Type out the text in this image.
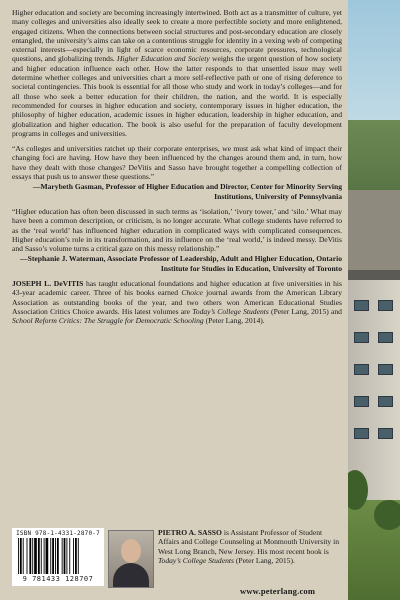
Higher education and society are becoming increasingly intertwined. Both act as a transmitter of culture, yet many colleges and universities also ideally seek to create a more perfectible society and more enlightened, engaged citizens. When the connections between social structures and post-secondary education are closely entangled, the university’s aims can take on a contentious struggle for identity in a vexing web of competing external interests—especially in light of scarce economic resources, corporate pressures, technological questions, and globalizing trends. Higher Education and Society weighs the urgent question of how society and higher education influence each other. How the latter responds to that unsettled issue may well determine whether colleges and universities chart a more self-reflective path or one of rising deference to societal contingencies. This book is essential for all those who study and work in today’s colleges—and for all those who seek a better education for their children, the nation, and the world. It is especially recommended for courses in higher education and society, contemporary issues in higher education, the philosophy of higher education, academic issues in higher education, leadership in higher education, and globalization and higher education. The book is also useful for the preparation of faculty development programs in colleges and universities.

“As colleges and universities ratchet up their corporate enterprises, we must ask what kind of impact their changing foci are having. How have they been influenced by the changes around them and, in turn, how have they dealt with those changes? DeVitis and Sasso have brought together a compelling collection of essays that push us to answer these questions.”
—Marybeth Gasman, Professor of Higher Education and Director, Center for Minority Serving Institutions, University of Pennsylvania
“Higher education has often been discussed in such terms as ‘isolation,’ ‘ivory tower,’ and ‘silo.’ What may have been a common description, or criticism, is no longer accurate. What college students have referred to as the ‘real world’ has influenced higher education in complicated ways with complicated consequences. Higher education’s role in its transformation, and its influence on the ‘real world,’ is indeed messy. DeVitis and Sasso’s volume turns a critical gaze on this messy relationship.”
—Stephanie J. Waterman, Associate Professor of Leadership, Adult and Higher Education, Ontario Institute for Studies in Education, University of Toronto

JOSEPH L. DeVITIS has taught educational foundations and higher education at five universities in his 43-year academic career. Three of his books earned Choice journal awards from the American Library Association as outstanding books of the year, and two others won American Educational Studies Association Critics Choice awards. His latest volumes are Today’s College Students (Peter Lang, 2015) and School Reform Critics: The Struggle for Democratic Schooling (Peter Lang, 2014).

ISBN 978-1-4331-2870-7
9 781433 128707
PIETRO A. SASSO is Assistant Professor of Student Affairs and College Counseling at Monmouth University in West Long Branch, New Jersey. His most recent book is Today’s College Students (Peter Lang, 2015).
www.peterlang.com
